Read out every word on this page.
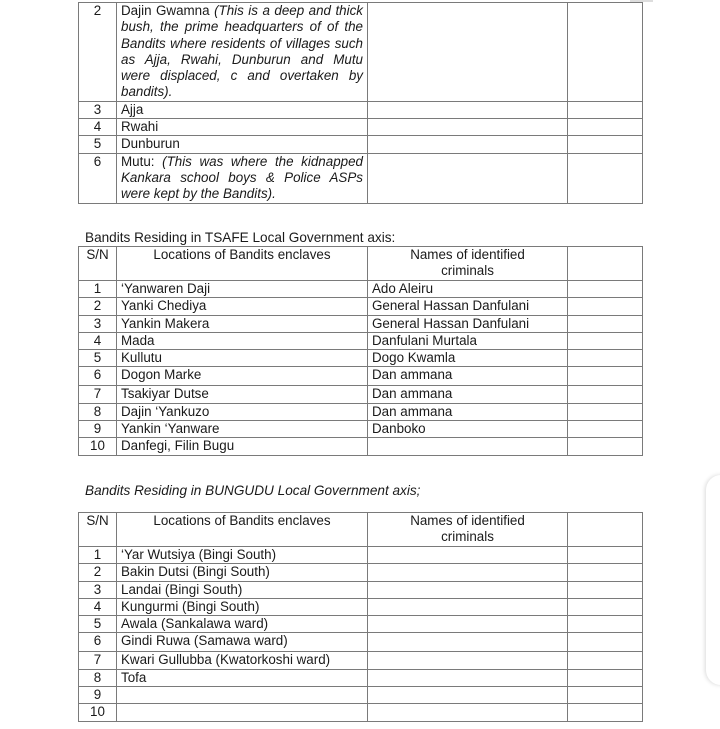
2	Dajin Gwamna (This is a deep and thick bush, the prime headquarters of of the Bandits where residents of villages such as Ajja, Rwahi, Dunburun and Mutu were displaced, c and overtaken by bandits).		
3	Ajja		
4	Rwahi		
5	Dunburun		
6	Mutu: (This was where the kidnapped Kankara school boys & Police ASPs were kept by the Bandits).		
Bandits Residing in TSAFE Local Government axis:
S/N	Locations of Bandits enclaves	Names of identified criminals	
1	‘Yanwaren Daji	Ado Aleiru	
2	Yanki Chediya	General Hassan Danfulani	
3	Yankin Makera	General Hassan Danfulani	
4	Mada	Danfulani Murtala	
5	Kullutu	Dogo Kwamla	
6	Dogon Marke	Dan ammana	
7	Tsakiyar Dutse	Dan ammana	
8	Dajin ‘Yankuzo	Dan ammana	
9	Yankin ‘Yanware	Danboko	
10	Danfegi, Filin Bugu		
Bandits Residing in BUNGUDU Local Government axis;
S/N	Locations of Bandits enclaves	Names of identified criminals	
1	‘Yar Wutsiya (Bingi South)		
2	Bakin Dutsi (Bingi South)		
3	Landai (Bingi South)		
4	Kungurmi (Bingi South)		
5	Awala (Sankalawa ward)		
6	Gindi Ruwa (Samawa ward)		
7	Kwari Gullubba (Kwatorkoshi ward)		
8	Tofa		
9			
10			
